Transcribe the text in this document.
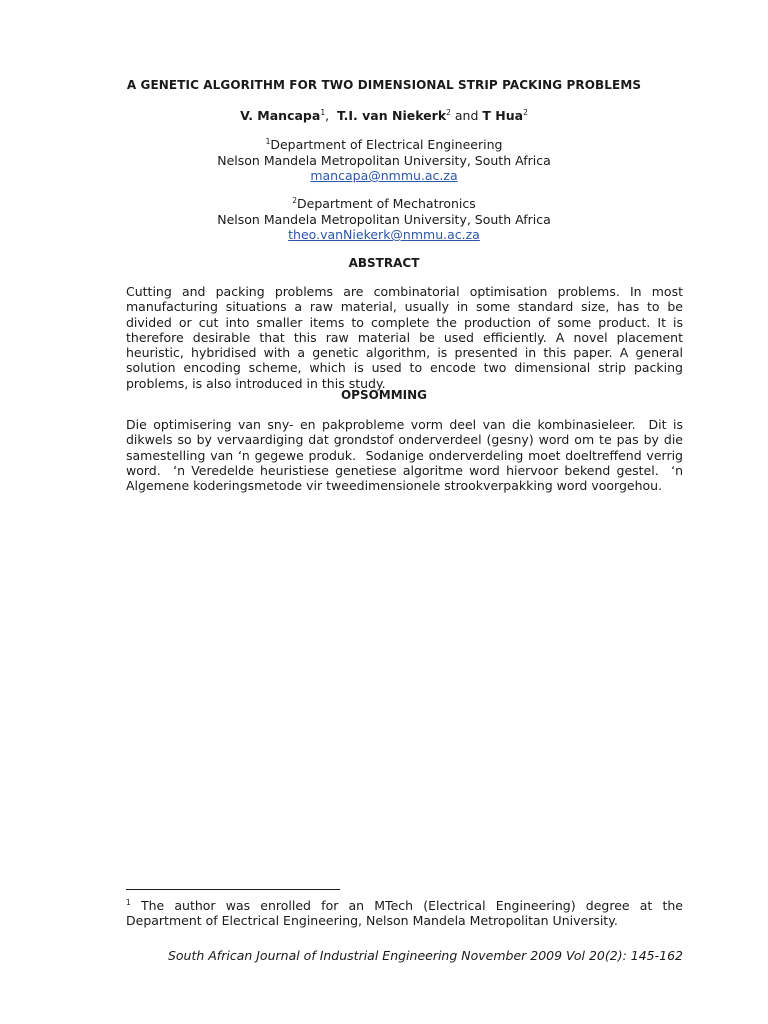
A GENETIC ALGORITHM FOR TWO DIMENSIONAL STRIP PACKING PROBLEMS
V. Mancapa$^1$,  T.I. van Niekerk$^2$ and T Hua$^2$
$^1$Department of Electrical Engineering
Nelson Mandela Metropolitan University, South Africa
mancapa@nmmu.ac.za
$^2$Department of Mechatronics
Nelson Mandela Metropolitan University, South Africa
theo.vanNiekerk@nmmu.ac.za
ABSTRACT
Cutting and packing problems are combinatorial optimisation problems. In most manufacturing situations a raw material, usually in some standard size, has to be divided or cut into smaller items to complete the production of some product. It is therefore desirable that this raw material be used efficiently. A novel placement heuristic, hybridised with a genetic algorithm, is presented in this paper. A general solution encoding scheme, which is used to encode two dimensional strip packing problems, is also introduced in this study.
OPSOMMING
Die optimisering van sny- en pakprobleme vorm deel van die kombinasieleer.  Dit is dikwels so by vervaardiging dat grondstof onderverdeel (gesny) word om te pas by die samestelling van ‘n gegewe produk.  Sodanige onderverdeling moet doeltreffend verrig word.  ‘n Veredelde heuristiese genetiese algoritme word hiervoor bekend gestel.  ‘n Algemene koderingsmetode vir tweedimensionele strookverpakking word voorgehou.
$^1$ The author was enrolled for an MTech (Electrical Engineering) degree at the Department of Electrical Engineering, Nelson Mandela Metropolitan University.
South African Journal of Industrial Engineering November 2009 Vol 20(2): 145-162
